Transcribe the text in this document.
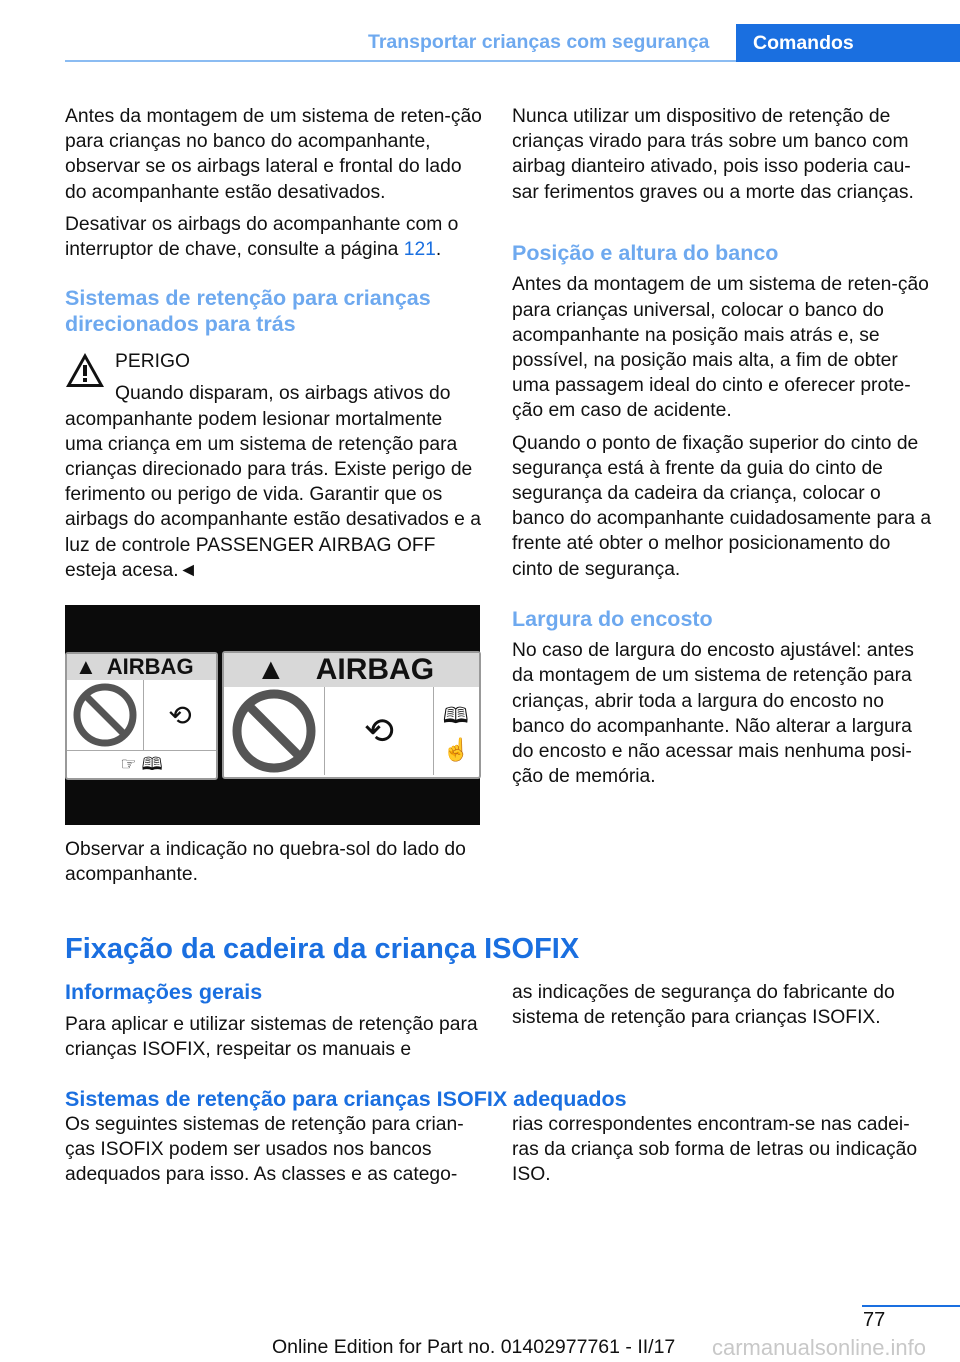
Transportar crianças com segurança	Comandos

Antes da montagem de um sistema de reten-ção para crianças no banco do acompanhante, observar se os airbags lateral e frontal do lado do acompanhante estão desativados.

Desativar os airbags do acompanhante com o interruptor de chave, consulte a página 121.

Sistemas de retenção para crianças direcionados para trás

PERIGO

Quando disparam, os airbags ativos do acompanhante podem lesionar mortalmente uma criança em um sistema de retenção para crianças direcionado para trás. Existe perigo de ferimento ou perigo de vida. Garantir que os airbags do acompanhante estão desativados e a luz de controle PASSENGER AIRBAG OFF esteja acesa.◄

▲ AIRBAG
⟲
☞ 🕮
▲ AIRBAG
⟲	🕮
☝

Observar a indicação no quebra-sol do lado do acompanhante.

Nunca utilizar um dispositivo de retenção de crianças virado para trás sobre um banco com airbag dianteiro ativado, pois isso poderia cau-sar ferimentos graves ou a morte das crianças.

Posição e altura do banco

Antes da montagem de um sistema de reten-ção para crianças universal, colocar o banco do acompanhante na posição mais atrás e, se possível, na posição mais alta, a fim de obter uma passagem ideal do cinto e oferecer prote-ção em caso de acidente.

Quando o ponto de fixação superior do cinto de segurança está à frente da guia do cinto de segurança da cadeira da criança, colocar o banco do acompanhante cuidadosamente para a frente até obter o melhor posicionamento do cinto de segurança.

Largura do encosto

No caso de largura do encosto ajustável: antes da montagem de um sistema de retenção para crianças, abrir toda a largura do encosto no banco do acompanhante. Não alterar a largura do encosto e não acessar mais nenhuma posi-ção de memória.

Fixação da cadeira da criança ISOFIX
Informações gerais

Para aplicar e utilizar sistemas de retenção para crianças ISOFIX, respeitar os manuais e

as indicações de segurança do fabricante do sistema de retenção para crianças ISOFIX.

Sistemas de retenção para crianças ISOFIX adequados

Os seguintes sistemas de retenção para crian-ças ISOFIX podem ser usados nos bancos adequados para isso. As classes e as catego-

rias correspondentes encontram-se nas cadei-ras da criança sob forma de letras ou indicação ISO.

77
Online Edition for Part no. 01402977761 - II/17 carmanualsonline.info
